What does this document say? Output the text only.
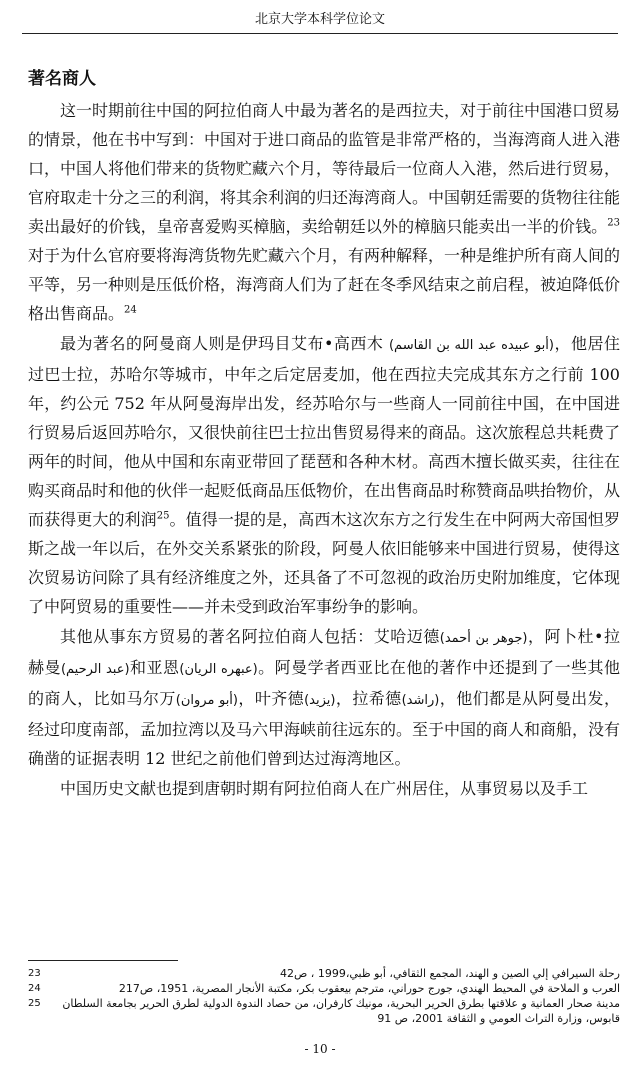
北京大学本科学位论文
著名商人

这一时期前往中国的阿拉伯商人中最为著名的是西拉夫，对于前往中国港口贸易的情景，他在书中写到：中国对于进口商品的监管是非常严格的，当海湾商人进入港口，中国人将他们带来的货物贮藏六个月，等待最后一位商人入港，然后进行贸易，官府取走十分之三的利润，将其余利润的归还海湾商人。中国朝廷需要的货物往往能卖出最好的价钱，皇帝喜爱购买樟脑，卖给朝廷以外的樟脑只能卖出一半的价钱。$^{23}$对于为什么官府要将海湾货物先贮藏六个月，有两种解释，一种是维护所有商人间的平等，另一种则是压低价格，海湾商人们为了赶在冬季风结束之前启程，被迫降低价格出售商品。$^{24}$

最为著名的阿曼商人则是伊玛目艾布•高西木 (أبو عبيده عبد الله بن القاسم)，他居住过巴士拉，苏哈尔等城市，中年之后定居麦加，他在西拉夫完成其东方之行前 100 年，约公元 752 年从阿曼海岸出发，经苏哈尔与一些商人一同前往中国，在中国进行贸易后返回苏哈尔，又很快前往巴士拉出售贸易得来的商品。这次旅程总共耗费了两年的时间，他从中国和东南亚带回了琵琶和各种木材。高西木擅长做买卖，往往在购买商品时和他的伙伴一起贬低商品压低物价，在出售商品时称赞商品哄抬物价，从而获得更大的利润$^{25}$。值得一提的是，高西木这次东方之行发生在中阿两大帝国怛罗斯之战一年以后，在外交关系紧张的阶段，阿曼人依旧能够来中国进行贸易，使得这次贸易访问除了具有经济维度之外，还具备了不可忽视的政治历史附加维度，它体现了中阿贸易的重要性——并未受到政治军事纷争的影响。

其他从事东方贸易的著名阿拉伯商人包括：艾哈迈德(جوهر بن أحمد)，阿卜杜•拉赫曼(عبد الرحيم)和亚恩(عبهره الريان)。阿曼学者西亚比在他的著作中还提到了一些其他的商人，比如马尔万(أبو مروان)，叶齐德(يزيد)，拉希德(راشد)，他们都是从阿曼出发，经过印度南部，孟加拉湾以及马六甲海峡前往远东的。至于中国的商人和商船，没有确凿的证据表明 12 世纪之前他们曾到达过海湾地区。

中国历史文献也提到唐朝时期有阿拉伯商人在广州居住，从事贸易以及手工

23	رحلة السيرافي إلي الصين و الهند، المجمع الثقافي، أبو ظبي،1999 ، ص42
24	العرب و الملاحة في المحيط الهندي، جورج حوراني، مترجم بيعقوب بكر، مكتبة الأنجار المصرية، 1951، ص217
25	مدينة صحار العمانية و علاقتها بطرق الحرير البحرية، مونيك كارفران، من حصاد الندوة الدولية لطرق الحرير بجامعة السلطان قابوس، وزارة التراث العومي و الثقافة 2001، ص 91
- 10 -
